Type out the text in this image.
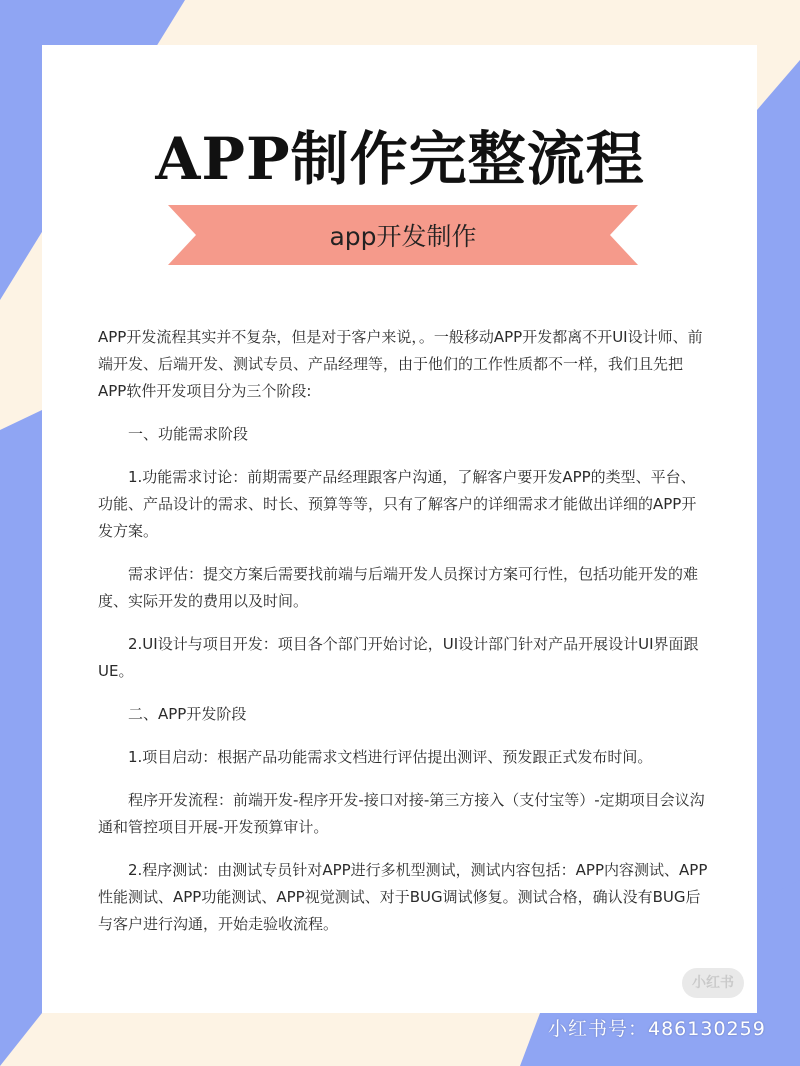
APP制作完整流程
app开发制作

APP开发流程其实并不复杂，但是对于客户来说，。一般移动APP开发都离不开UI设计师、前端开发、后端开发、测试专员、产品经理等，由于他们的工作性质都不一样，我们且先把APP软件开发项目分为三个阶段:

一、功能需求阶段

1.功能需求讨论：前期需要产品经理跟客户沟通，了解客户要开发APP的类型、平台、功能、产品设计的需求、时长、预算等等，只有了解客户的详细需求才能做出详细的APP开发方案。

需求评估：提交方案后需要找前端与后端开发人员探讨方案可行性，包括功能开发的难度、实际开发的费用以及时间。

2.UI设计与项目开发：项目各个部门开始讨论，UI设计部门针对产品开展设计UI界面跟UE。

二、APP开发阶段

1.项目启动：根据产品功能需求文档进行评估提出测评、预发跟正式发布时间。

程序开发流程：前端开发-程序开发-接口对接-第三方接入（支付宝等）-定期项目会议沟通和管控项目开展-开发预算审计。

2.程序测试：由测试专员针对APP进行多机型测试，测试内容包括：APP内容测试、APP性能测试、APP功能测试、APP视觉测试、对于BUG调试修复。测试合格，确认没有BUG后与客户进行沟通，开始走验收流程。

小红书
小红书号：486130259
